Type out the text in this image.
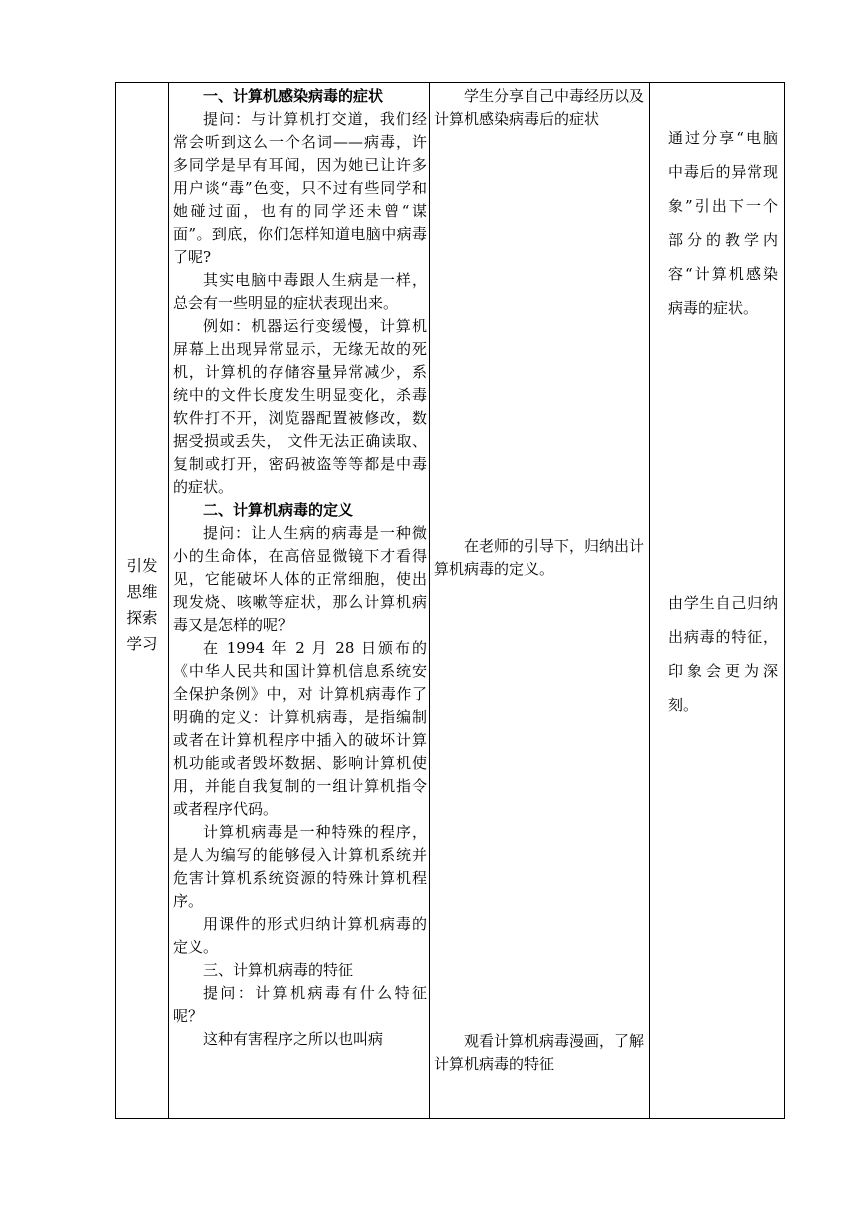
引发
思维
探索
学习

一、计算机感染病毒的症状

提问：与计算机打交道，我们经常会听到这么一个名词——病毒，许多同学是早有耳闻，因为她已让许多用户谈“毒”色变，只不过有些同学和她碰过面，也有的同学还未曾“谋面”。到底，你们怎样知道电脑中病毒了呢?

其实电脑中毒跟人生病是一样，总会有一些明显的症状表现出来。

例如：机器运行变缓慢，计算机屏幕上出现异常显示，无缘无故的死机，计算机的存储容量异常减少，系统中的文件长度发生明显变化，杀毒软件打不开，浏览器配置被修改，数据受损或丢失， 文件无法正确读取、复制或打开，密码被盗等等都是中毒的症状。

二、计算机病毒的定义

提问：让人生病的病毒是一种微小的生命体，在高倍显微镜下才看得见，它能破坏人体的正常细胞，使出现发烧、咳嗽等症状，那么计算机病毒又是怎样的呢？

在 1994 年 2 月 28 日颁布的《中华人民共和国计算机信息系统安全保护条例》中，对 计算机病毒作了明确的定义：计算机病毒，是指编制或者在计算机程序中插入的破坏计算机功能或者毁坏数据、影响计算机使用，并能自我复制的一组计算机指令或者程序代码。

计算机病毒是一种特殊的程序，是人为编写的能够侵入计算机系统并危害计算机系统资源的特殊计算机程序。

用课件的形式归纳计算机病毒的定义。

三、计算机病毒的特征

提问：计算机病毒有什么特征呢？

这种有害程序之所以也叫病

学生分享自己中毒经历以及计算机感染病毒后的症状

在老师的引导下，归纳出计算机病毒的定义。

观看计算机病毒漫画，了解计算机病毒的特征

通过分享“电脑中毒后的异常现象”引出下一个部分的教学内容“计算机感染病毒的症状。

由学生自己归纳出病毒的特征，印象会更为深刻。
